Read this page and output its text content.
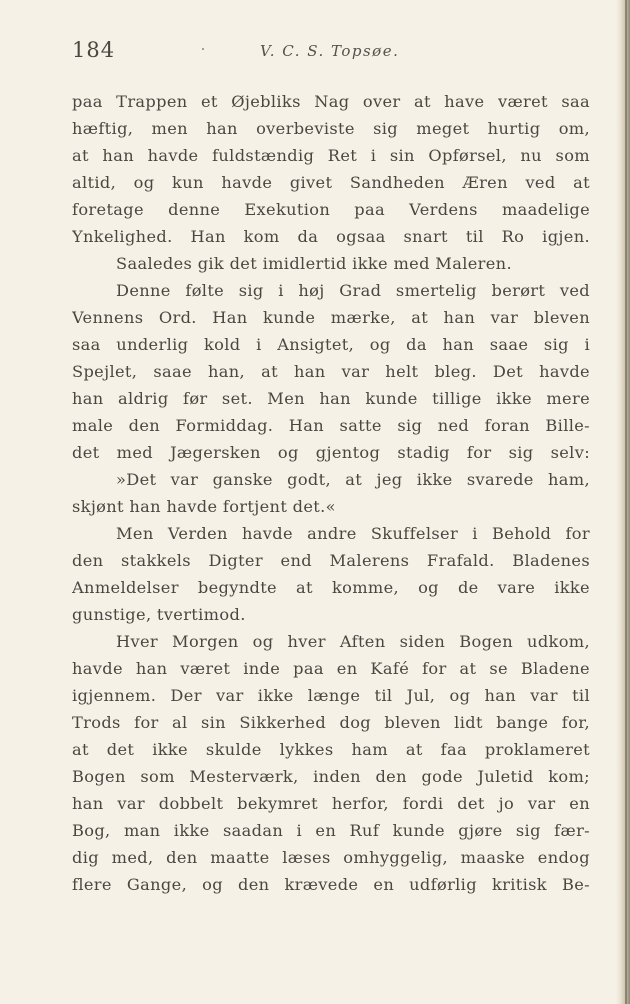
184	V. C. S. Topsøe.
paa Trappen et Øjebliks Nag over at have været saa
hæftig, men han overbeviste sig meget hurtig om,
at han havde fuldstændig Ret i sin Opførsel, nu som
altid, og kun havde givet Sandheden Æren ved at
foretage denne Exekution paa Verdens maadelige
Ynkelighed. Han kom da ogsaa snart til Ro igjen.
Saaledes gik det imidlertid ikke med Maleren.
Denne følte sig i høj Grad smertelig berørt ved
Vennens Ord. Han kunde mærke, at han var bleven
saa underlig kold i Ansigtet, og da han saae sig i
Spejlet, saae han, at han var helt bleg. Det havde
han aldrig før set. Men han kunde tillige ikke mere
male den Formiddag. Han satte sig ned foran Bille-
det med Jægersken og gjentog stadig for sig selv:
»Det var ganske godt, at jeg ikke svarede ham,
skjønt han havde fortjent det.«
Men Verden havde andre Skuffelser i Behold for
den stakkels Digter end Malerens Frafald. Bladenes
Anmeldelser begyndte at komme, og de vare ikke
gunstige, tvertimod.
Hver Morgen og hver Aften siden Bogen udkom,
havde han været inde paa en Kafé for at se Bladene
igjennem. Der var ikke længe til Jul, og han var til
Trods for al sin Sikkerhed dog bleven lidt bange for,
at det ikke skulde lykkes ham at faa proklameret
Bogen som Mesterværk, inden den gode Juletid kom;
han var dobbelt bekymret herfor, fordi det jo var en
Bog, man ikke saadan i en Ruf kunde gjøre sig fær-
dig med, den maatte læses omhyggelig, maaske endog
flere Gange, og den krævede en udførlig kritisk Be-
